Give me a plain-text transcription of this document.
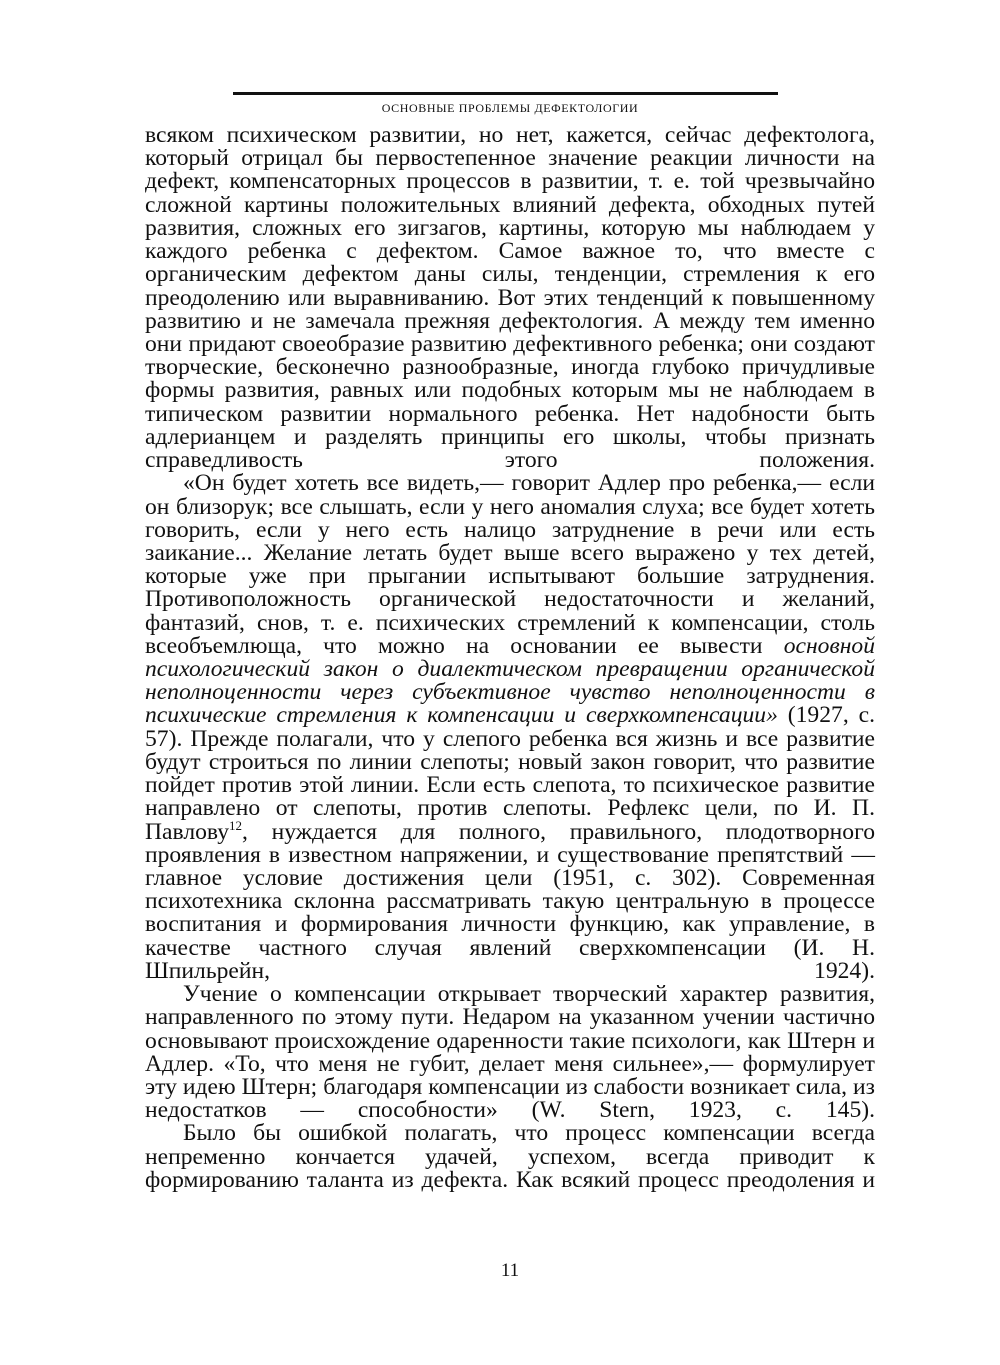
ОСНОВНЫЕ ПРОБЛЕМЫ ДЕФЕКТОЛОГИИ

всяком психическом развитии, но нет, кажется, сейчас дефектолога, который отрицал бы первостепенное значение реакции личности на дефект, компенсаторных процессов в развитии, т. е. той чрезвычайно сложной картины положительных влияний дефекта, обходных путей развития, сложных его зигзагов, картины, которую мы наблюдаем у каждого ребенка с дефектом. Самое важное то, что вместе с органическим дефектом даны силы, тенденции, стремления к его преодолению или выравниванию. Вот этих тенденций к повышенному развитию и не замечала прежняя дефектология. А между тем именно они придают своеобразие развитию дефективного ребенка; они создают творческие, бесконечно разнообразные, иногда глубоко причудливые формы развития, равных или подобных которым мы не наблюдаем в типическом развитии нормального ребенка. Нет надобности быть адлерианцем и разделять принципы его школы, чтобы признать справедливость этого положения.

«Он будет хотеть все видеть,— говорит Адлер про ребенка,— если он близорук; все слышать, если у него аномалия слуха; все будет хотеть говорить, если у него есть налицо затруднение в речи или есть заикание... Желание летать будет выше всего выражено у тех детей, которые уже при прыгании испытывают большие затруднения. Противоположность органической недостаточности и желаний, фантазий, снов, т. е. психических стремлений к компенсации, столь всеобъемлюща, что можно на основании ее вывести основной психологический закон о диалектическом превращении органической неполноценности через субъективное чувство неполноценности в психические стремления к компенсации и сверхкомпенсации» (1927, с. 57). Прежде полагали, что у слепого ребенка вся жизнь и все развитие будут строиться по линии слепоты; новый закон говорит, что развитие пойдет против этой линии. Если есть слепота, то психическое развитие направлено от слепоты, против слепоты. Рефлекс цели, по И. П. Павлову$^{12}$, нуждается для полного, правильного, плодотворного проявления в известном напряжении, и существование препятствий — главное условие достижения цели (1951, с. 302). Современная психотехника склонна рассматривать такую центральную в процессе воспитания и формирования личности функцию, как управление, в качестве частного случая явлений сверхкомпенсации (И. Н. Шпильрейн, 1924).

Учение о компенсации открывает творческий характер развития, направленного по этому пути. Недаром на указанном учении частично основывают происхождение одаренности такие психологи, как Штерн и Адлер. «То, что меня не губит, делает меня сильнее»,— формулирует эту идею Штерн; благодаря компенсации из слабости возникает сила, из недостатков — способности» (W. Stern, 1923, с. 145).

Было бы ошибкой полагать, что процесс компенсации всегда непременно кончается удачей, успехом, всегда приводит к формированию таланта из дефекта. Как всякий процесс преодоления и

11
